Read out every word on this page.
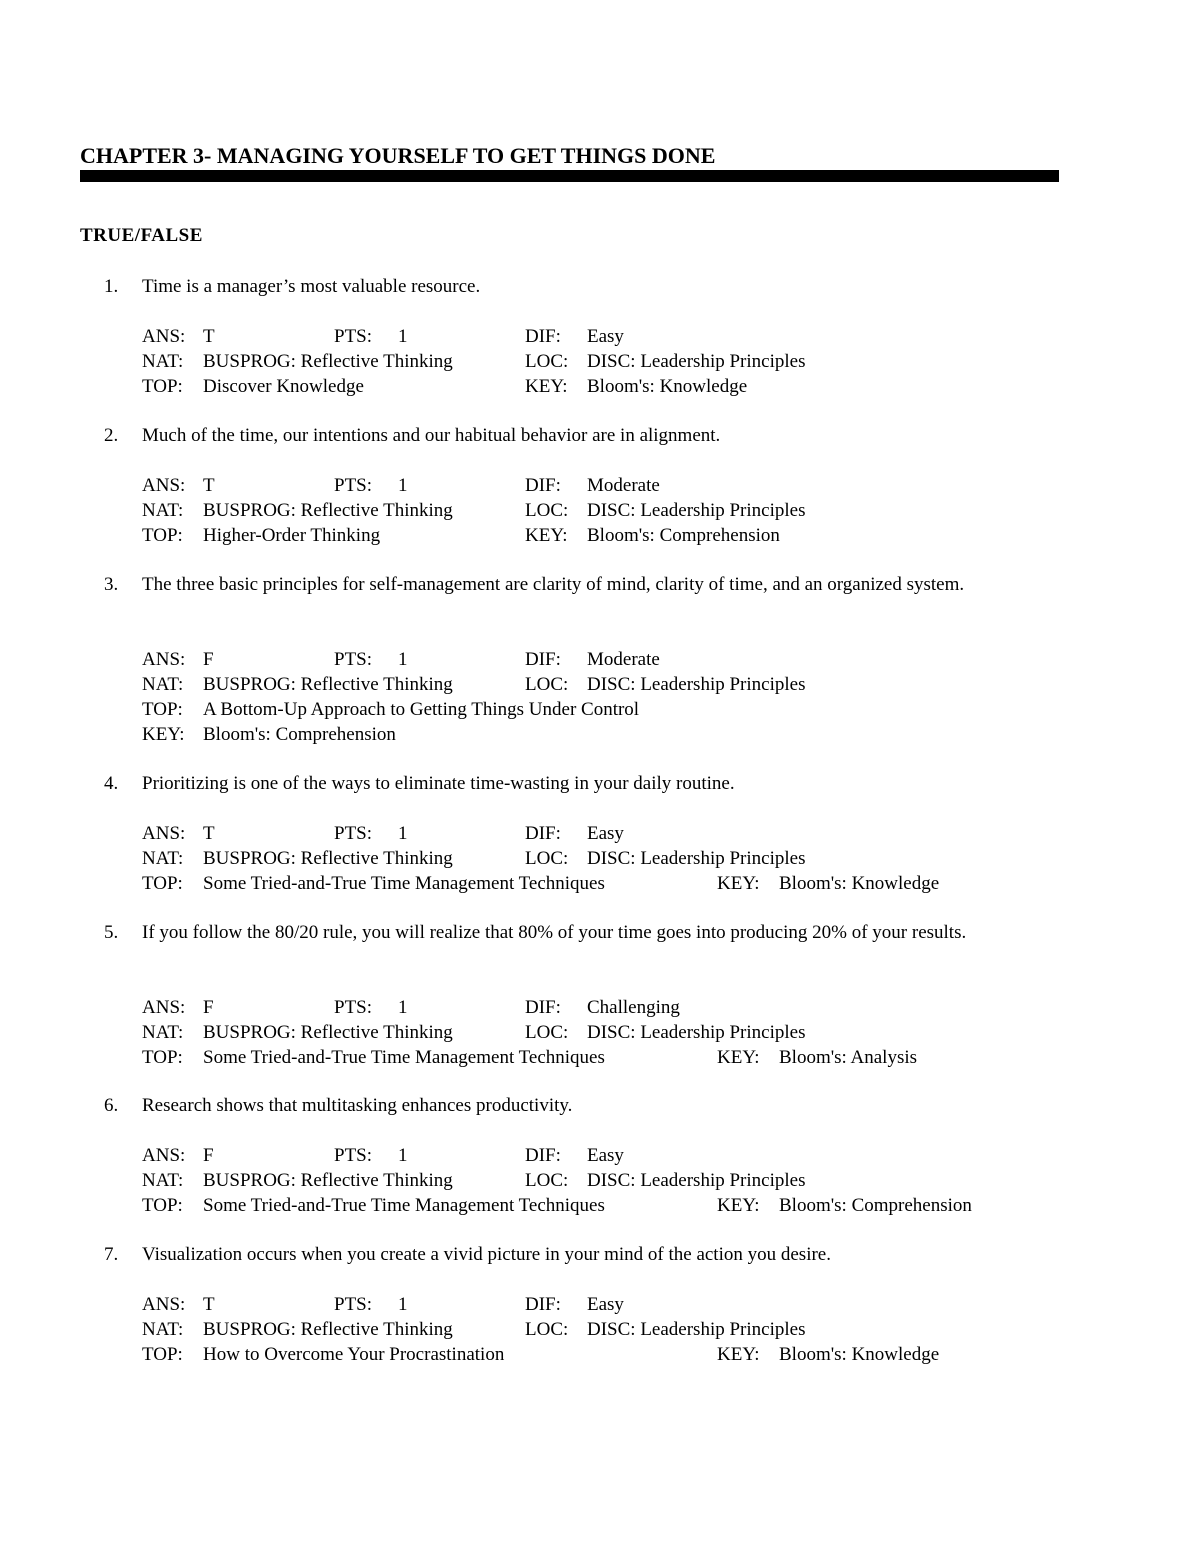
CHAPTER 3- MANAGING YOURSELF TO GET THINGS DONE
TRUE/FALSE
1.	Time is a manager’s most valuable resource.
ANS: T	PTS: 1	DIF: Easy
NAT: BUSPROG: Reflective Thinking	LOC: DISC: Leadership Principles
TOP: Discover Knowledge	KEY: Bloom's: Knowledge
2.	Much of the time, our intentions and our habitual behavior are in alignment.
ANS: T	PTS: 1	DIF: Moderate
NAT: BUSPROG: Reflective Thinking	LOC: DISC: Leadership Principles
TOP: Higher-Order Thinking	KEY: Bloom's: Comprehension
3.	The three basic principles for self-management are clarity of mind, clarity of time, and an organized system.
ANS: F	PTS: 1	DIF: Moderate
NAT: BUSPROG: Reflective Thinking	LOC: DISC: Leadership Principles
TOP: A Bottom-Up Approach to Getting Things Under Control
KEY: Bloom's: Comprehension
4.	Prioritizing is one of the ways to eliminate time-wasting in your daily routine.
ANS: T	PTS: 1	DIF: Easy
NAT: BUSPROG: Reflective Thinking	LOC: DISC: Leadership Principles
TOP: Some Tried-and-True Time Management Techniques	KEY: Bloom's: Knowledge
5.	If you follow the 80/20 rule, you will realize that 80% of your time goes into producing 20% of your results.
ANS: F	PTS: 1	DIF: Challenging
NAT: BUSPROG: Reflective Thinking	LOC: DISC: Leadership Principles
TOP: Some Tried-and-True Time Management Techniques	KEY: Bloom's: Analysis
6.	Research shows that multitasking enhances productivity.
ANS: F	PTS: 1	DIF: Easy
NAT: BUSPROG: Reflective Thinking	LOC: DISC: Leadership Principles
TOP: Some Tried-and-True Time Management Techniques	KEY: Bloom's: Comprehension
7.	Visualization occurs when you create a vivid picture in your mind of the action you desire.
ANS: T	PTS: 1	DIF: Easy
NAT: BUSPROG: Reflective Thinking	LOC: DISC: Leadership Principles
TOP: How to Overcome Your Procrastination	KEY: Bloom's: Knowledge
